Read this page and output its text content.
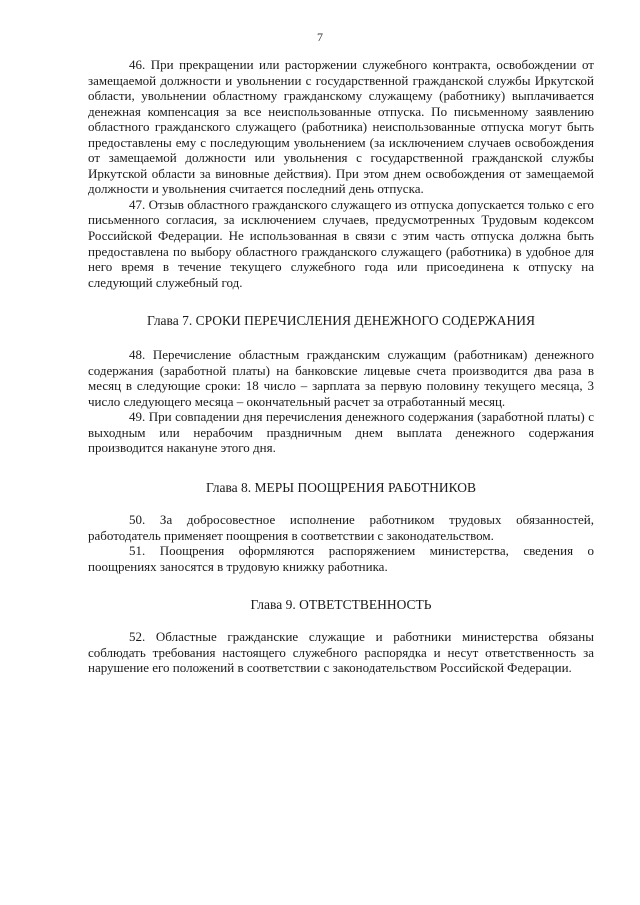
7

46. При прекращении или расторжении служебного контракта, освобождении от замещаемой должности и увольнении с государственной гражданской службы Иркутской области, увольнении областному гражданскому служащему (работнику) выплачивается денежная компенсация за все неиспользованные отпуска. По письменному заявлению областного гражданского служащего (работника) неиспользованные отпуска могут быть предоставлены ему с последующим увольнением (за исключением случаев освобождения от замещаемой должности или увольнения с государственной гражданской службы Иркутской области за виновные действия). При этом днем освобождения от замещаемой должности и увольнения считается последний день отпуска.

47. Отзыв областного гражданского служащего из отпуска допускается только с его письменного согласия, за исключением случаев, предусмотренных Трудовым кодексом Российской Федерации. Не использованная в связи с этим часть отпуска должна быть предоставлена по выбору областного гражданского служащего (работника) в удобное для него время в течение текущего служебного года или присоединена к отпуску на следующий служебный год.

Глава 7. СРОКИ ПЕРЕЧИСЛЕНИЯ ДЕНЕЖНОГО СОДЕРЖАНИЯ

48. Перечисление областным гражданским служащим (работникам) денежного содержания (заработной платы) на банковские лицевые счета производится два раза в месяц в следующие сроки: 18 число – зарплата за первую половину текущего месяца, 3 число следующего месяца – окончательный расчет за отработанный месяц.

49. При совпадении дня перечисления денежного содержания (заработной платы) с выходным или нерабочим праздничным днем выплата денежного содержания производится накануне этого дня.

Глава 8. МЕРЫ ПООЩРЕНИЯ РАБОТНИКОВ

50. За добросовестное исполнение работником трудовых обязанностей, работодатель применяет поощрения в соответствии с законодательством.

51. Поощрения оформляются распоряжением министерства, сведения о поощрениях заносятся в трудовую книжку работника.

Глава 9. ОТВЕТСТВЕННОСТЬ

52. Областные гражданские служащие и работники министерства обязаны соблюдать требования настоящего служебного распорядка и несут ответственность за нарушение его положений в соответствии с законодательством Российской Федерации.
